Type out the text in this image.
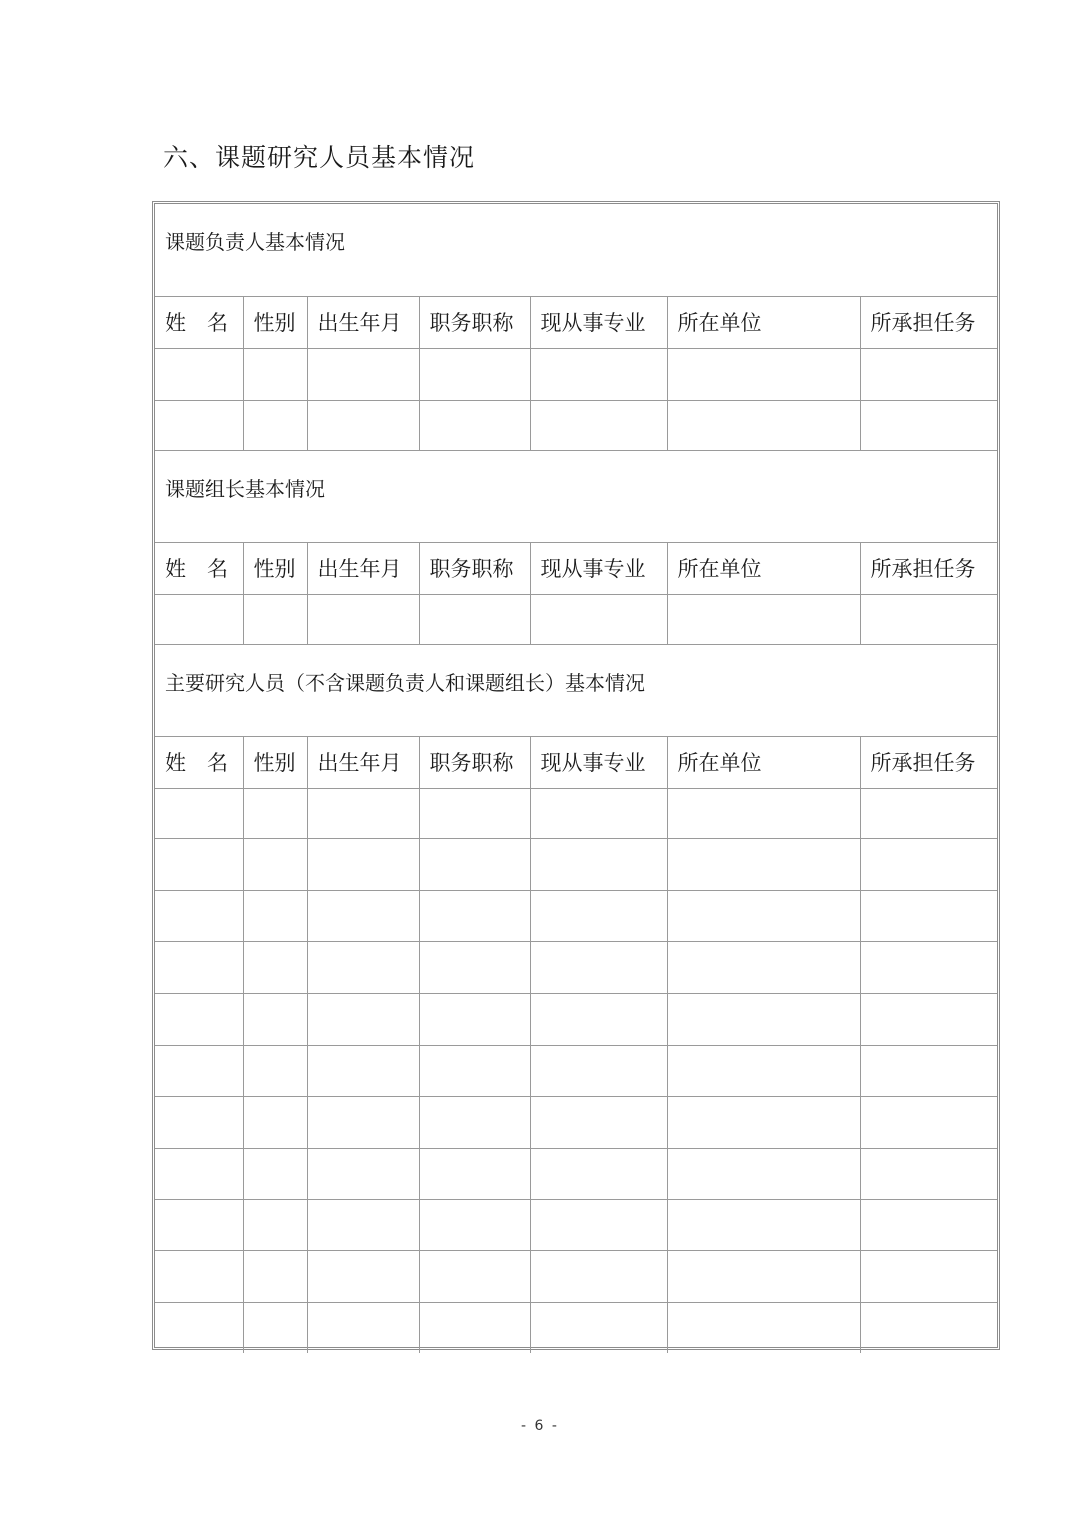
六、课题研究人员基本情况
课题负责人基本情况						
姓　名	性别	出生年月	职务职称	现从事专业	所在单位	所承担任务

课题组长基本情况						
姓　名	性别	出生年月	职务职称	现从事专业	所在单位	所承担任务

主要研究人员（不含课题负责人和课题组长）基本情况						
姓　名	性别	出生年月	职务职称	现从事专业	所在单位	所承担任务

- 6 -
